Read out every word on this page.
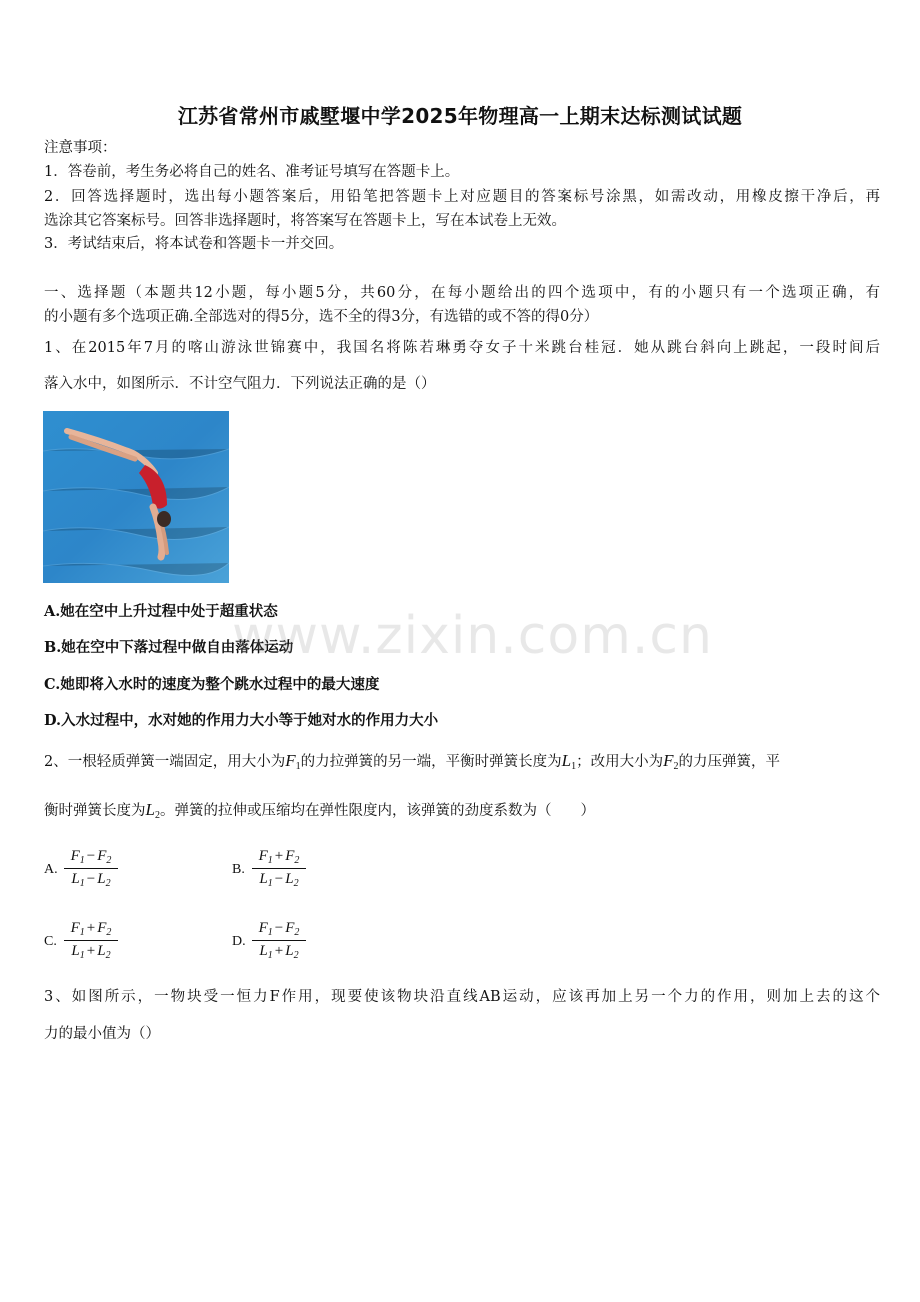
江苏省常州市戚墅堰中学2025年物理高一上期末达标测试试题
注意事项：
1．答卷前，考生务必将自己的姓名、准考证号填写在答题卡上。
2．回答选择题时，选出每小题答案后，用铅笔把答题卡上对应题目的答案标号涂黑，如需改动，用橡皮擦干净后，再
选涂其它答案标号。回答非选择题时，将答案写在答题卡上，写在本试卷上无效。
3．考试结束后，将本试卷和答题卡一并交回。
一、选择题（本题共12小题，每小题5分，共60分，在每小题给出的四个选项中，有的小题只有一个选项正确，有
的小题有多个选项正确.全部选对的得5分，选不全的得3分，有选错的或不答的得0分）
1、在2015年7月的喀山游泳世锦赛中，我国名将陈若琳勇夺女子十米跳台桂冠．她从跳台斜向上跳起，一段时间后
落入水中，如图所示．不计空气阻力．下列说法正确的是（）
A.她在空中上升过程中处于超重状态
B.她在空中下落过程中做自由落体运动
C.她即将入水时的速度为整个跳水过程中的最大速度
D.入水过程中，水对她的作用力大小等于她对水的作用力大小
www.zixin.com.cn
2、一根轻质弹簧一端固定，用大小为$F_1$的力拉弹簧的另一端，平衡时弹簧长度为$L_1$；改用大小为$F_2$的力压弹簧，平
衡时弹簧长度为$L_2$。弹簧的拉伸或压缩均在弹性限度内，该弹簧的劲度系数为（　　）
A. $\frac{F_1 - F_2}{L_1 - L_2}$	B. $\frac{F_1 + F_2}{L_1 - L_2}$
C. $\frac{F_1 + F_2}{L_1 + L_2}$	D. $\frac{F_1 - F_2}{L_1 + L_2}$
3、如图所示，一物块受一恒力F作用，现要使该物块沿直线AB运动，应该再加上另一个力的作用，则加上去的这个
力的最小值为（）
